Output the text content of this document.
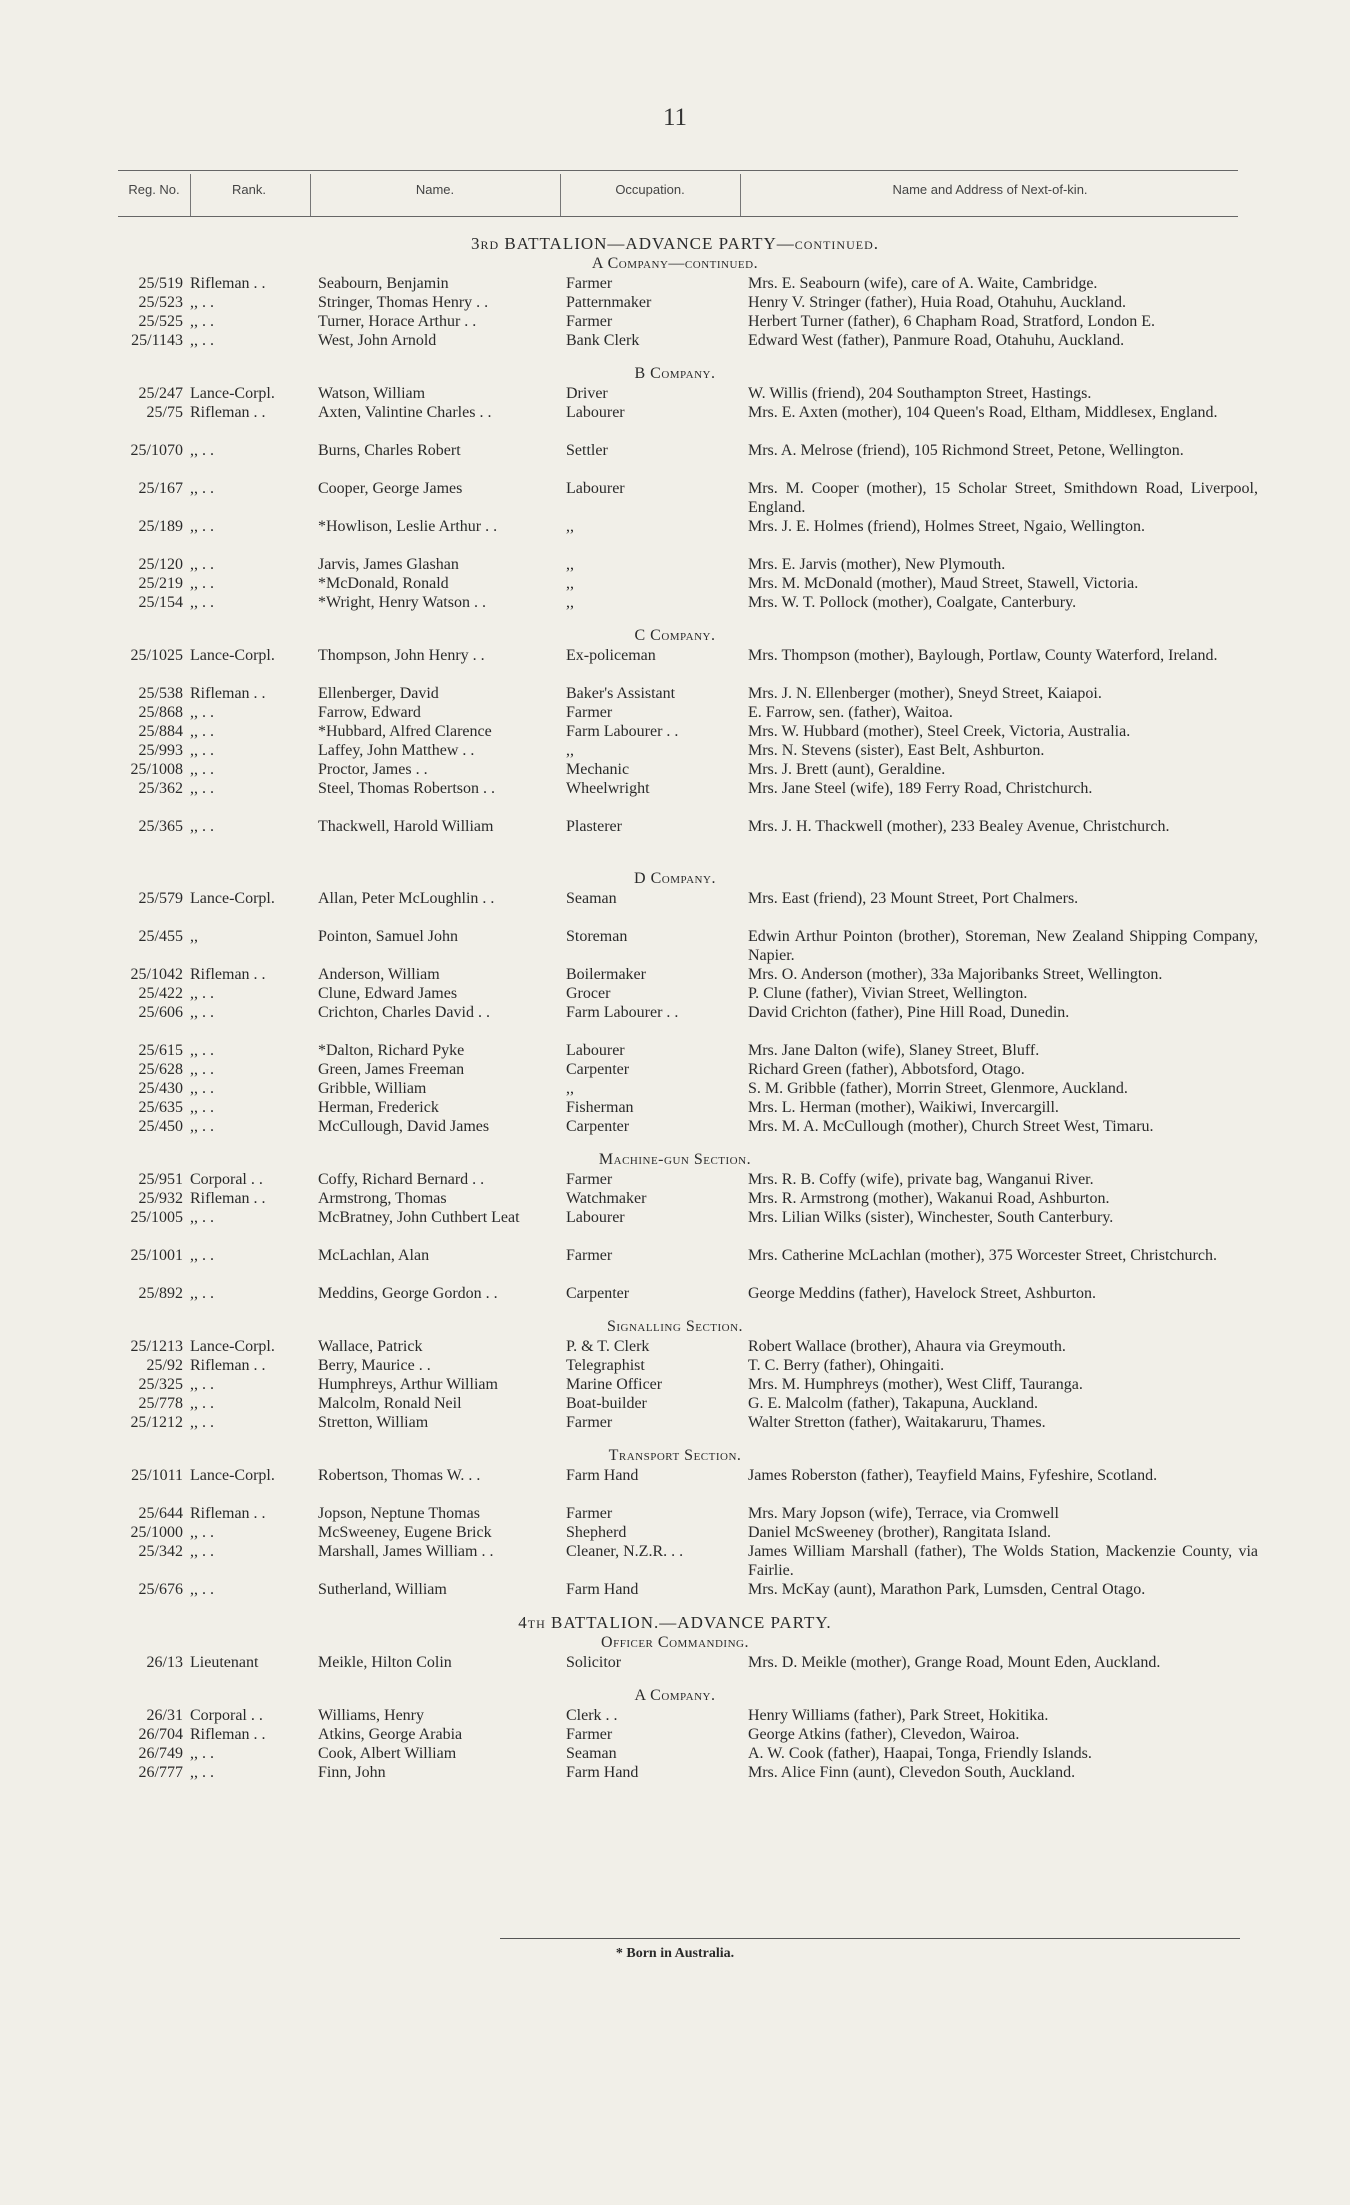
11
Reg. No.	Rank.	Name.	Occupation.	Name and Address of Next-of-kin.
3rd BATTALION—ADVANCE PARTY—continued.
A Company—continued.
25/519 Rifleman . .	Seabourn, Benjamin	Farmer	Mrs. E. Seabourn (wife), care of A. Waite, Cambridge.
25/523 ,, . .	Stringer, Thomas Henry . .	Patternmaker	Henry V. Stringer (father), Huia Road, Otahuhu, Auckland.
25/525 ,, . .	Turner, Horace Arthur . .	Farmer	Herbert Turner (father), 6 Chapham Road, Stratford, London E.
25/1143 ,, . .	West, John Arnold	Bank Clerk	Edward West (father), Panmure Road, Otahuhu, Auckland.
B Company.
25/247 Lance-Corpl.	Watson, William	Driver	W. Willis (friend), 204 Southampton Street, Hastings.
25/75 Rifleman . .	Axten, Valintine Charles . .	Labourer	Mrs. E. Axten (mother), 104 Queen's Road, Eltham, Middlesex, England.
25/1070 ,, . .	Burns, Charles Robert	Settler	Mrs. A. Melrose (friend), 105 Richmond Street, Petone, Wellington.
25/167 ,, . .	Cooper, George James	Labourer	Mrs. M. Cooper (mother), 15 Scholar Street, Smithdown Road, Liverpool, England.
25/189 ,, . .	*Howlison, Leslie Arthur . .	,,	Mrs. J. E. Holmes (friend), Holmes Street, Ngaio, Wellington.
25/120 ,, . .	Jarvis, James Glashan	,,	Mrs. E. Jarvis (mother), New Plymouth.
25/219 ,, . .	*McDonald, Ronald	,,	Mrs. M. McDonald (mother), Maud Street, Stawell, Victoria.
25/154 ,, . .	*Wright, Henry Watson . .	,,	Mrs. W. T. Pollock (mother), Coalgate, Canterbury.
C Company.
25/1025 Lance-Corpl.	Thompson, John Henry . .	Ex-policeman	Mrs. Thompson (mother), Baylough, Portlaw, County Waterford, Ireland.
25/538 Rifleman . .	Ellenberger, David	Baker's Assistant	Mrs. J. N. Ellenberger (mother), Sneyd Street, Kaiapoi.
25/868 ,, . .	Farrow, Edward	Farmer	E. Farrow, sen. (father), Waitoa.
25/884 ,, . .	*Hubbard, Alfred Clarence	Farm Labourer . .	Mrs. W. Hubbard (mother), Steel Creek, Victoria, Australia.
25/993 ,, . .	Laffey, John Matthew . .	,,	Mrs. N. Stevens (sister), East Belt, Ashburton.
25/1008 ,, . .	Proctor, James . .	Mechanic	Mrs. J. Brett (aunt), Geraldine.
25/362 ,, . .	Steel, Thomas Robertson . .	Wheelwright	Mrs. Jane Steel (wife), 189 Ferry Road, Christchurch.
25/365 ,, . .	Thackwell, Harold William	Plasterer	Mrs. J. H. Thackwell (mother), 233 Bealey Avenue, Christchurch.
D Company.
25/579 Lance-Corpl.	Allan, Peter McLoughlin . .	Seaman	Mrs. East (friend), 23 Mount Street, Port Chalmers.
25/455 ,,	Pointon, Samuel John	Storeman	Edwin Arthur Pointon (brother), Storeman, New Zealand Shipping Company, Napier.
25/1042 Rifleman . .	Anderson, William	Boilermaker	Mrs. O. Anderson (mother), 33a Majoribanks Street, Wellington.
25/422 ,, . .	Clune, Edward James	Grocer	P. Clune (father), Vivian Street, Wellington.
25/606 ,, . .	Crichton, Charles David . .	Farm Labourer . .	David Crichton (father), Pine Hill Road, Dunedin.
25/615 ,, . .	*Dalton, Richard Pyke	Labourer	Mrs. Jane Dalton (wife), Slaney Street, Bluff.
25/628 ,, . .	Green, James Freeman	Carpenter	Richard Green (father), Abbotsford, Otago.
25/430 ,, . .	Gribble, William	,,	S. M. Gribble (father), Morrin Street, Glenmore, Auckland.
25/635 ,, . .	Herman, Frederick	Fisherman	Mrs. L. Herman (mother), Waikiwi, Invercargill.
25/450 ,, . .	McCullough, David James	Carpenter	Mrs. M. A. McCullough (mother), Church Street West, Timaru.
Machine-gun Section.
25/951 Corporal . .	Coffy, Richard Bernard . .	Farmer	Mrs. R. B. Coffy (wife), private bag, Wanganui River.
25/932 Rifleman . .	Armstrong, Thomas	Watchmaker	Mrs. R. Armstrong (mother), Wakanui Road, Ashburton.
25/1005 ,, . .	McBratney, John Cuthbert Leat	Labourer	Mrs. Lilian Wilks (sister), Winchester, South Canterbury.
25/1001 ,, . .	McLachlan, Alan	Farmer	Mrs. Catherine McLachlan (mother), 375 Worcester Street, Christchurch.
25/892 ,, . .	Meddins, George Gordon . .	Carpenter	George Meddins (father), Havelock Street, Ashburton.
Signalling Section.
25/1213 Lance-Corpl.	Wallace, Patrick	P. & T. Clerk	Robert Wallace (brother), Ahaura via Greymouth.
25/92 Rifleman . .	Berry, Maurice . .	Telegraphist	T. C. Berry (father), Ohingaiti.
25/325 ,, . .	Humphreys, Arthur William	Marine Officer	Mrs. M. Humphreys (mother), West Cliff, Tauranga.
25/778 ,, . .	Malcolm, Ronald Neil	Boat-builder	G. E. Malcolm (father), Takapuna, Auckland.
25/1212 ,, . .	Stretton, William	Farmer	Walter Stretton (father), Waitakaruru, Thames.
Transport Section.
25/1011 Lance-Corpl.	Robertson, Thomas W. . .	Farm Hand	James Roberston (father), Teayfield Mains, Fyfeshire, Scotland.
25/644 Rifleman . .	Jopson, Neptune Thomas	Farmer	Mrs. Mary Jopson (wife), Terrace, via Cromwell
25/1000 ,, . .	McSweeney, Eugene Brick	Shepherd	Daniel McSweeney (brother), Rangitata Island.
25/342 ,, . .	Marshall, James William . .	Cleaner, N.Z.R. . .	James William Marshall (father), The Wolds Station, Mackenzie County, via Fairlie.
25/676 ,, . .	Sutherland, William	Farm Hand	Mrs. McKay (aunt), Marathon Park, Lumsden, Central Otago.
4th BATTALION.—ADVANCE PARTY.
Officer Commanding.
26/13 Lieutenant	Meikle, Hilton Colin	Solicitor	Mrs. D. Meikle (mother), Grange Road, Mount Eden, Auckland.
A Company.
26/31 Corporal . .	Williams, Henry	Clerk . .	Henry Williams (father), Park Street, Hokitika.
26/704 Rifleman . .	Atkins, George Arabia	Farmer	George Atkins (father), Clevedon, Wairoa.
26/749 ,, . .	Cook, Albert William	Seaman	A. W. Cook (father), Haapai, Tonga, Friendly Islands.
26/777 ,, . .	Finn, John	Farm Hand	Mrs. Alice Finn (aunt), Clevedon South, Auckland.
* Born in Australia.
